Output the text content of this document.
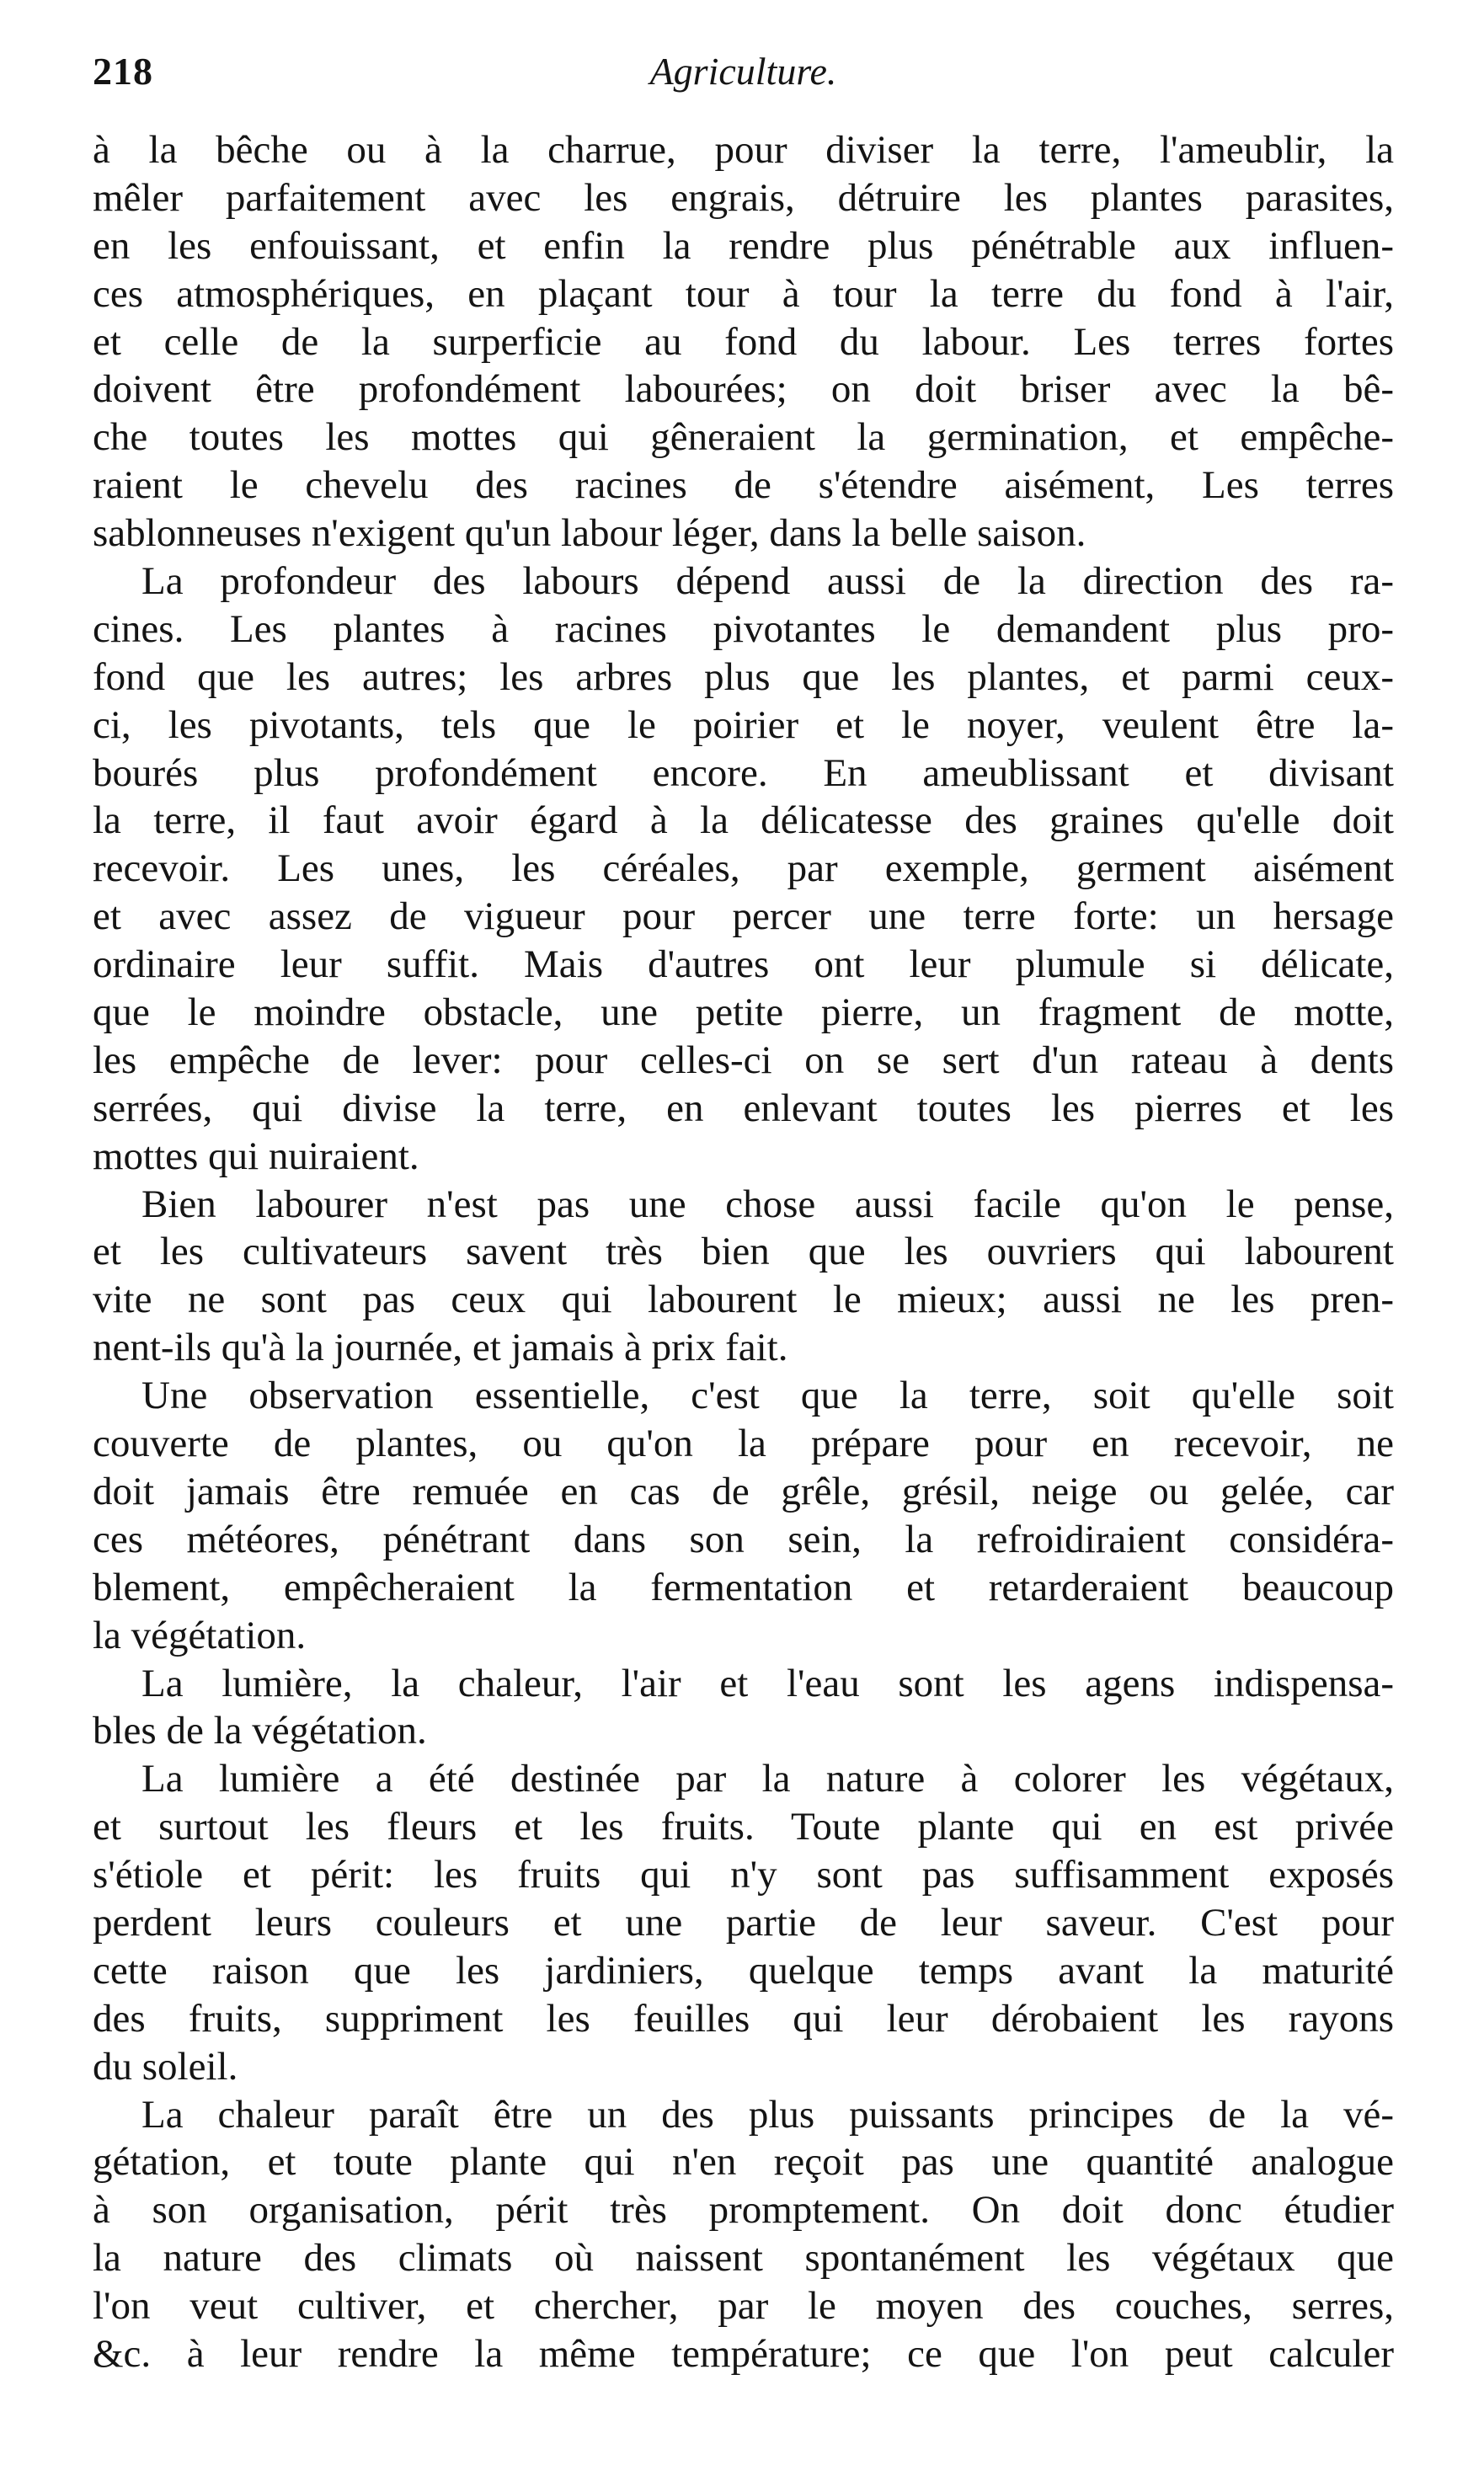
218	Agriculture.
à la bêche ou à la charrue, pour diviser la terre, l'ameublir, la
mêler parfaitement avec les engrais, détruire les plantes parasites,
en les enfouissant, et enfin la rendre plus pénétrable aux influen-
ces atmosphériques, en plaçant tour à tour la terre du fond à l'air,
et celle de la surperficie au fond du labour. Les terres fortes
doivent être profondément labourées; on doit briser avec la bê-
che toutes les mottes qui gêneraient la germination, et empêche-
raient le chevelu des racines de s'étendre aisément, Les terres
sablonneuses n'exigent qu'un labour léger, dans la belle saison.
La profondeur des labours dépend aussi de la direction des ra-
cines. Les plantes à racines pivotantes le demandent plus pro-
fond que les autres; les arbres plus que les plantes, et parmi ceux-
ci, les pivotants, tels que le poirier et le noyer, veulent être la-
bourés plus profondément encore. En ameublissant et divisant
la terre, il faut avoir égard à la délicatesse des graines qu'elle doit
recevoir. Les unes, les céréales, par exemple, germent aisément
et avec assez de vigueur pour percer une terre forte: un hersage
ordinaire leur suffit. Mais d'autres ont leur plumule si délicate,
que le moindre obstacle, une petite pierre, un fragment de motte,
les empêche de lever: pour celles-ci on se sert d'un rateau à dents
serrées, qui divise la terre, en enlevant toutes les pierres et les
mottes qui nuiraient.
Bien labourer n'est pas une chose aussi facile qu'on le pense,
et les cultivateurs savent très bien que les ouvriers qui labourent
vite ne sont pas ceux qui labourent le mieux; aussi ne les pren-
nent-ils qu'à la journée, et jamais à prix fait.
Une observation essentielle, c'est que la terre, soit qu'elle soit
couverte de plantes, ou qu'on la prépare pour en recevoir, ne
doit jamais être remuée en cas de grêle, grésil, neige ou gelée, car
ces météores, pénétrant dans son sein, la refroidiraient considéra-
blement, empêcheraient la fermentation et retarderaient beaucoup
la végétation.
La lumière, la chaleur, l'air et l'eau sont les agens indispensa-
bles de la végétation.
La lumière a été destinée par la nature à colorer les végétaux,
et surtout les fleurs et les fruits. Toute plante qui en est privée
s'étiole et périt: les fruits qui n'y sont pas suffisamment exposés
perdent leurs couleurs et une partie de leur saveur. C'est pour
cette raison que les jardiniers, quelque temps avant la maturité
des fruits, suppriment les feuilles qui leur dérobaient les rayons
du soleil.
La chaleur paraît être un des plus puissants principes de la vé-
gétation, et toute plante qui n'en reçoit pas une quantité analogue
à son organisation, périt très promptement. On doit donc étudier
la nature des climats où naissent spontanément les végétaux que
l'on veut cultiver, et chercher, par le moyen des couches, serres,
&c. à leur rendre la même température; ce que l'on peut calculer
